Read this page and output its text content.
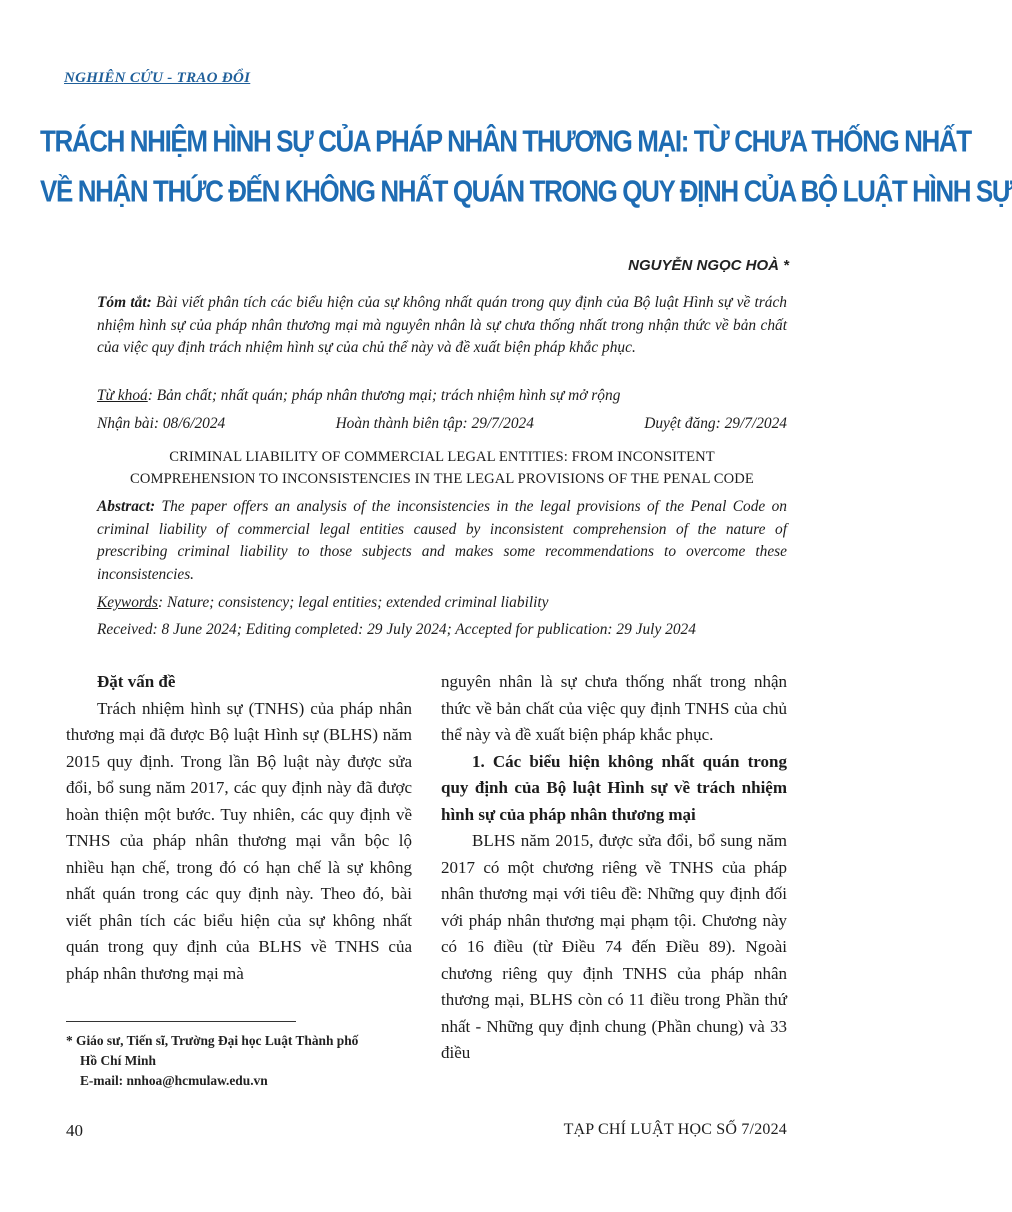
NGHIÊN CỨU - TRAO ĐỔI
TRÁCH NHIỆM HÌNH SỰ CỦA PHÁP NHÂN THƯƠNG MẠI: TỪ CHƯA THỐNG NHẤT
VỀ NHẬN THỨC ĐẾN KHÔNG NHẤT QUÁN TRONG QUY ĐỊNH CỦA BỘ LUẬT HÌNH SỰ
NGUYỄN NGỌC HOÀ *
Tóm tắt: Bài viết phân tích các biểu hiện của sự không nhất quán trong quy định của Bộ luật Hình sự về trách nhiệm hình sự của pháp nhân thương mại mà nguyên nhân là sự chưa thống nhất trong nhận thức về bản chất của việc quy định trách nhiệm hình sự của chủ thể này và đề xuất biện pháp khắc phục.
Từ khoá: Bản chất; nhất quán; pháp nhân thương mại; trách nhiệm hình sự mở rộng
Nhận bài: 08/6/2024	Hoàn thành biên tập: 29/7/2024	Duyệt đăng: 29/7/2024
CRIMINAL LIABILITY OF COMMERCIAL LEGAL ENTITIES: FROM INCONSITENT
COMPREHENSION TO INCONSISTENCIES IN THE LEGAL PROVISIONS OF THE PENAL CODE
Abstract: The paper offers an analysis of the inconsistencies in the legal provisions of the Penal Code on criminal liability of commercial legal entities caused by inconsistent comprehension of the nature of prescribing criminal liability to those subjects and makes some recommendations to overcome these inconsistencies.
Keywords: Nature; consistency; legal entities; extended criminal liability
Received: 8 June 2024; Editing completed: 29 July 2024; Accepted for publication: 29 July 2024

Đặt vấn đề

Trách nhiệm hình sự (TNHS) của pháp nhân thương mại đã được Bộ luật Hình sự (BLHS) năm 2015 quy định. Trong lần Bộ luật này được sửa đổi, bổ sung năm 2017, các quy định này đã được hoàn thiện một bước. Tuy nhiên, các quy định về TNHS của pháp nhân thương mại vẫn bộc lộ nhiều hạn chế, trong đó có hạn chế là sự không nhất quán trong các quy định này. Theo đó, bài viết phân tích các biểu hiện của sự không nhất quán trong quy định của BLHS về TNHS của pháp nhân thương mại mà

nguyên nhân là sự chưa thống nhất trong nhận thức về bản chất của việc quy định TNHS của chủ thể này và đề xuất biện pháp khắc phục.

1. Các biểu hiện không nhất quán trong quy định của Bộ luật Hình sự về trách nhiệm hình sự của pháp nhân thương mại

BLHS năm 2015, được sửa đổi, bổ sung năm 2017 có một chương riêng về TNHS của pháp nhân thương mại với tiêu đề: Những quy định đối với pháp nhân thương mại phạm tội. Chương này có 16 điều (từ Điều 74 đến Điều 89). Ngoài chương riêng quy định TNHS của pháp nhân thương mại, BLHS còn có 11 điều trong Phần thứ nhất - Những quy định chung (Phần chung) và 33 điều

* Giáo sư, Tiến sĩ, Trường Đại học Luật Thành phố
Hồ Chí Minh
E-mail: nnhoa@hcmulaw.edu.vn
40	TẠP CHÍ LUẬT HỌC SỐ 7/2024
